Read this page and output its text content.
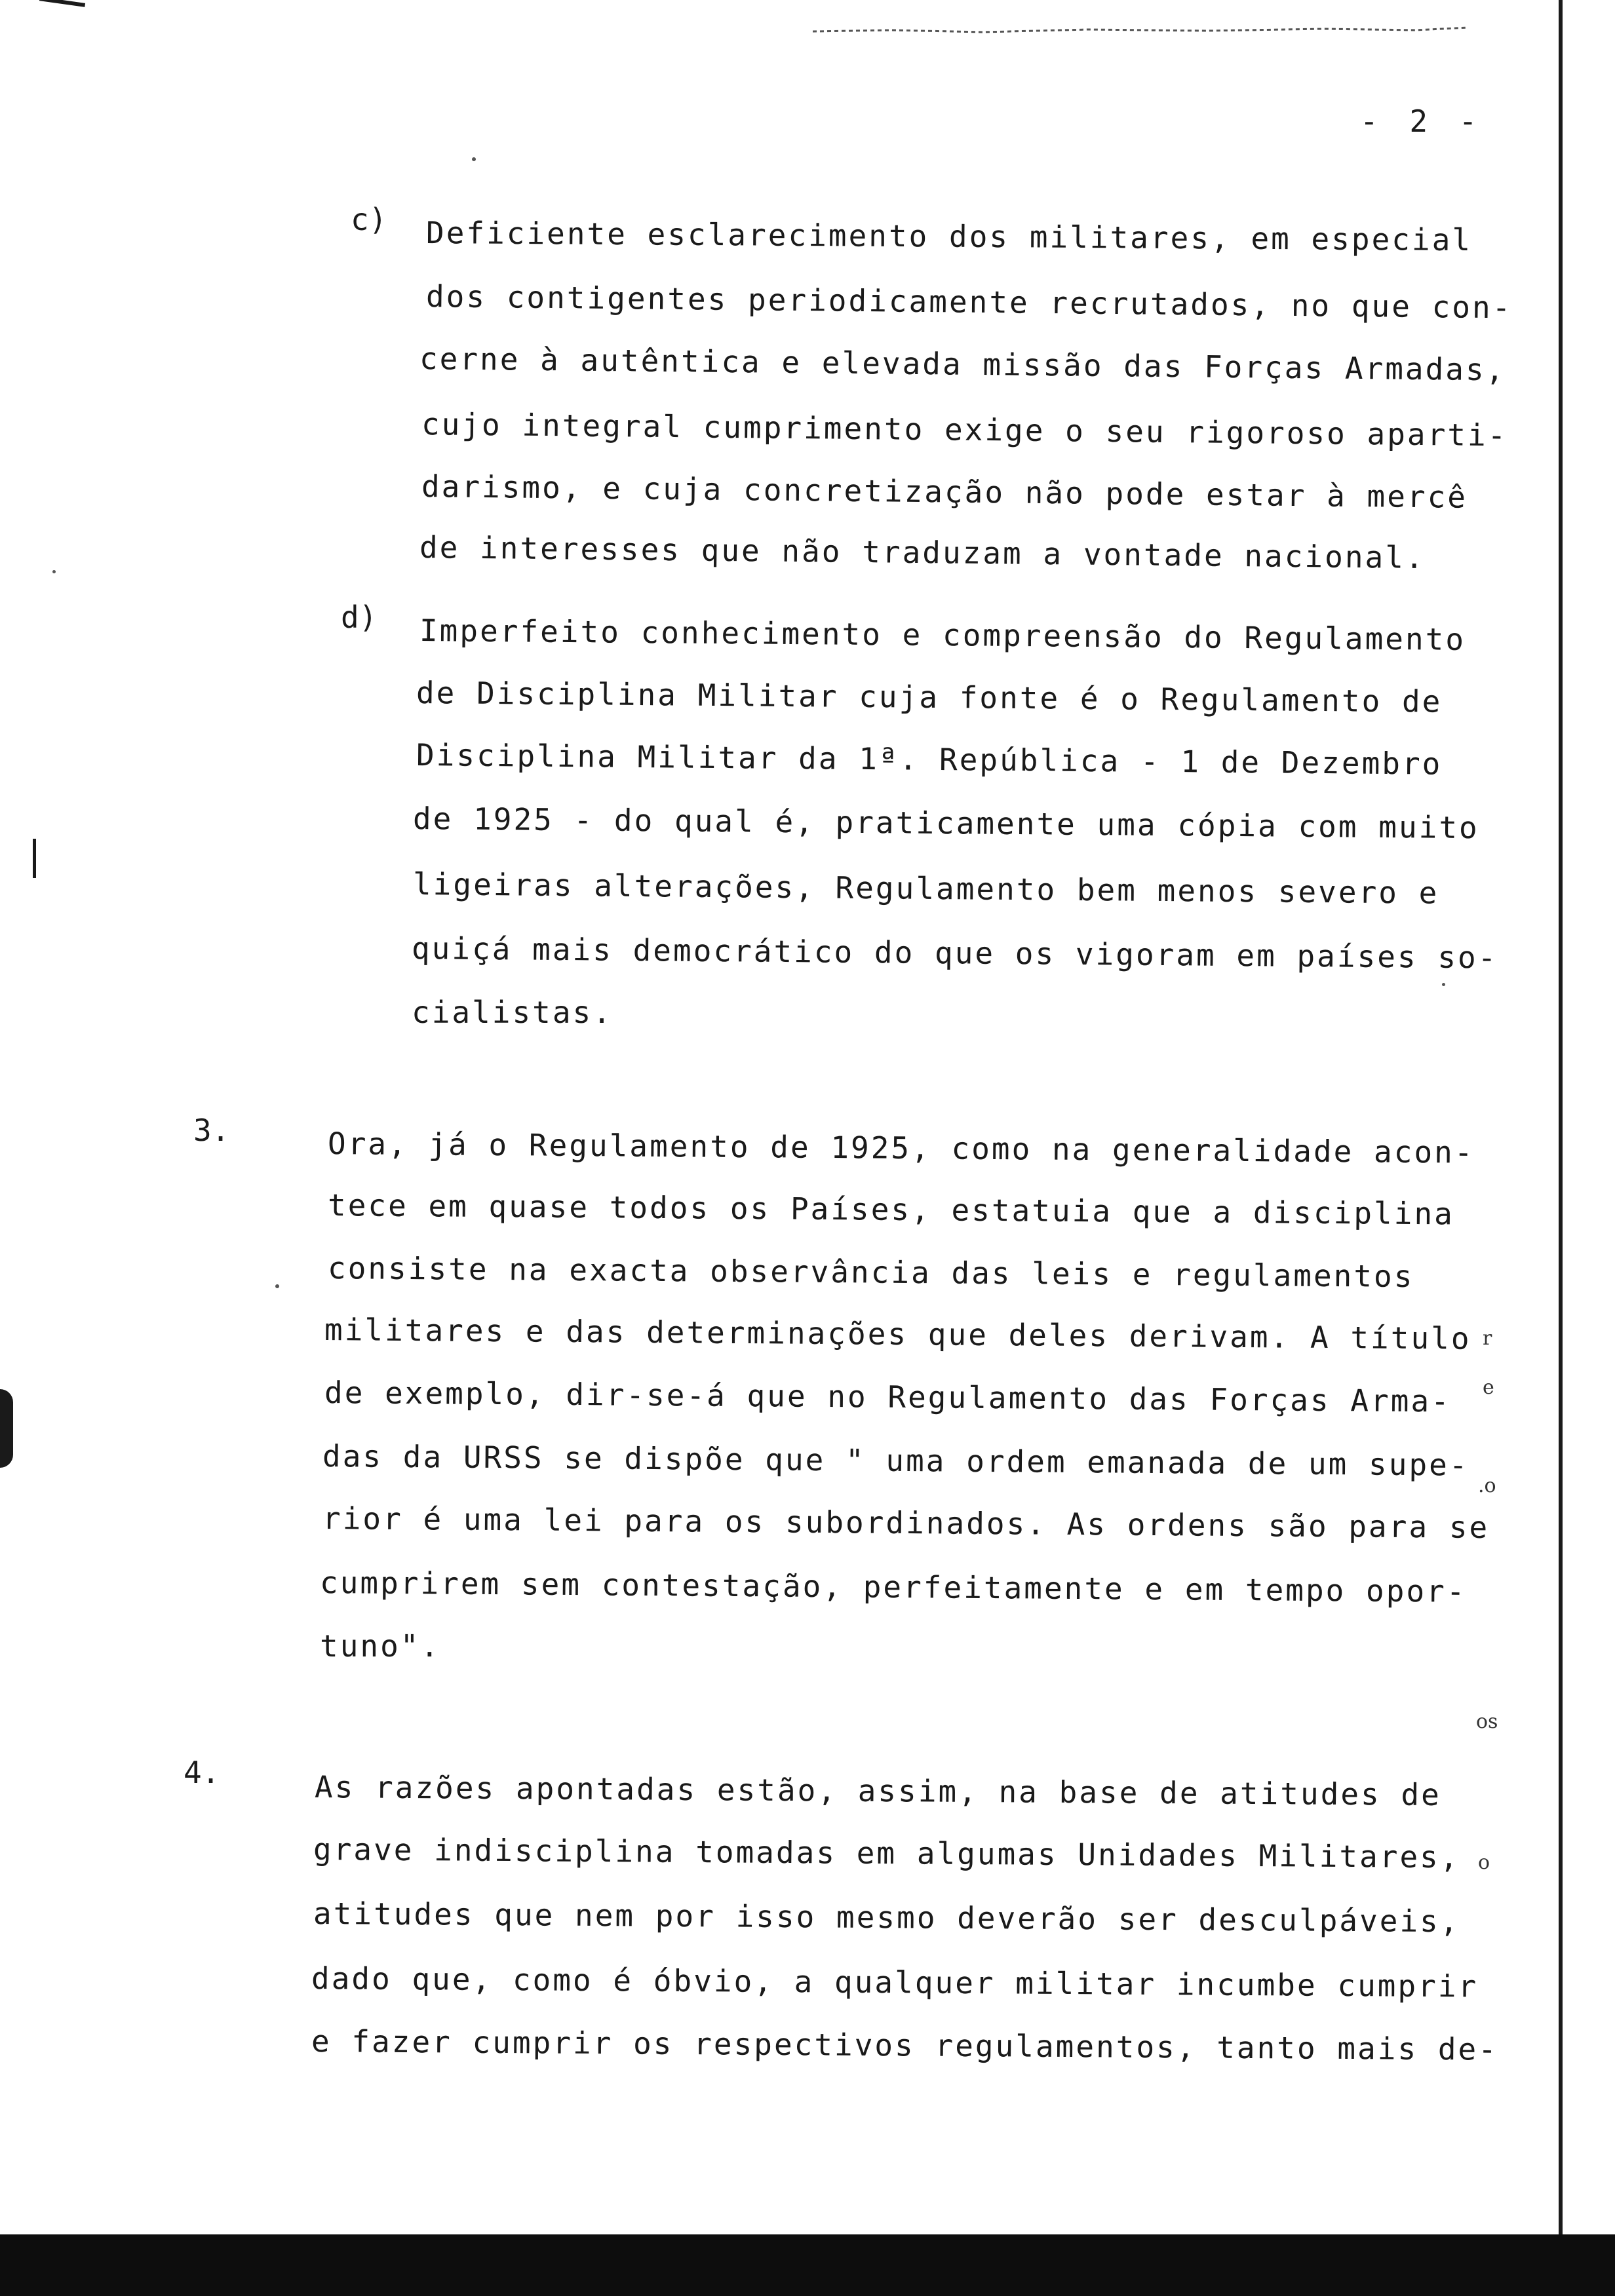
- 2 -
c) Deficiente esclarecimento dos militares, em especial
dos contigentes periodicamente recrutados, no que con-
cerne à autêntica e elevada missão das Forças Armadas,
cujo integral cumprimento exige o seu rigoroso aparti-
darismo, e cuja concretização não pode estar à mercê
de interesses que não traduzam a vontade nacional.
d) Imperfeito conhecimento e compreensão do Regulamento
de Disciplina Militar cuja fonte é o Regulamento de
Disciplina Militar da 1ª. República - 1 de Dezembro
de 1925 - do qual é, praticamente uma cópia com muito
ligeiras alterações, Regulamento bem menos severo e
quiçá mais democrático do que os vigoram em países so-
cialistas.
3.	Ora, já o Regulamento de 1925, como na generalidade acon-
tece em quase todos os Países, estatuia que a disciplina
consiste na exacta observância das leis e regulamentos
militares e das determinações que deles derivam. A título
de exemplo, dir-se-á que no Regulamento das Forças Arma-
das da URSS se dispõe que " uma ordem emanada de um supe-
rior é uma lei para os subordinados. As ordens são para se
cumprirem sem contestação, perfeitamente e em tempo opor-
tuno".
4.	As razões apontadas estão, assim, na base de atitudes de
grave indisciplina tomadas em algumas Unidades Militares,
atitudes que nem por isso mesmo deverão ser desculpáveis,
dado que, como é óbvio, a qualquer militar incumbe cumprir
e fazer cumprir os respectivos regulamentos, tanto mais de-
r
e
.o
os
o
